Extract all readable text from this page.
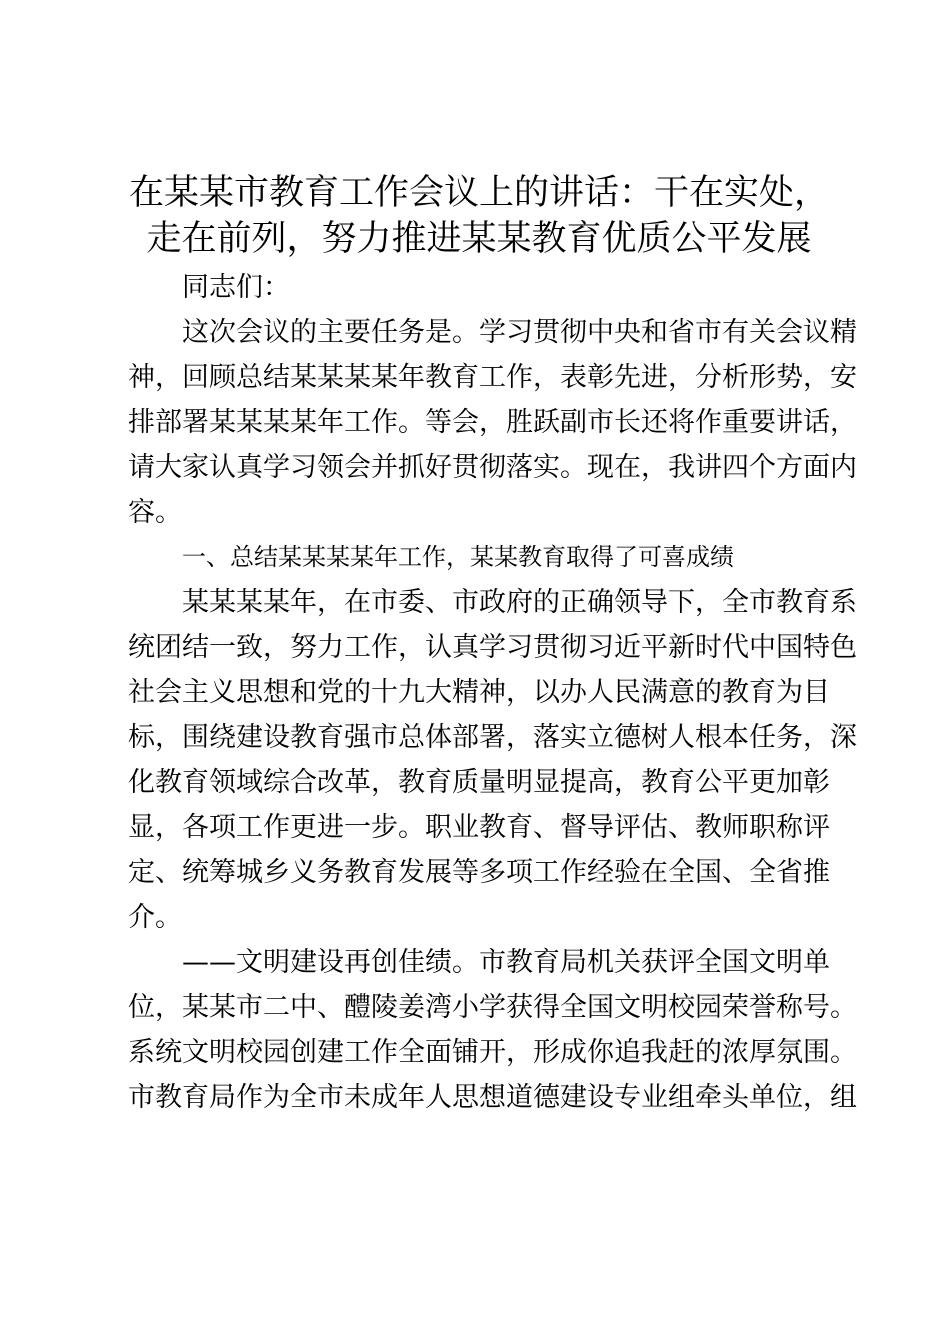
在某某市教育工作会议上的讲话：干在实处，
走在前列，努力推进某某教育优质公平发展

同志们：

这次会议的主要任务是。学习贯彻中央和省市有关会议精
神，回顾总结某某某某年教育工作，表彰先进，分析形势，安
排部署某某某某年工作。等会，胜跃副市长还将作重要讲话，
请大家认真学习领会并抓好贯彻落实。现在，我讲四个方面内
容。

一、总结某某某某年工作，某某教育取得了可喜成绩

某某某某年，在市委、市政府的正确领导下，全市教育系
统团结一致，努力工作，认真学习贯彻习近平新时代中国特色
社会主义思想和党的十九大精神，以办人民满意的教育为目
标，围绕建设教育强市总体部署，落实立德树人根本任务，深
化教育领域综合改革，教育质量明显提高，教育公平更加彰
显，各项工作更进一步。职业教育、督导评估、教师职称评
定、统筹城乡义务教育发展等多项工作经验在全国、全省推
介。

——文明建设再创佳绩。市教育局机关获评全国文明单
位，某某市二中、醴陵姜湾小学获得全国文明校园荣誉称号。
系统文明校园创建工作全面铺开，形成你追我赶的浓厚氛围。
市教育局作为全市未成年人思想道德建设专业组牵头单位，组
